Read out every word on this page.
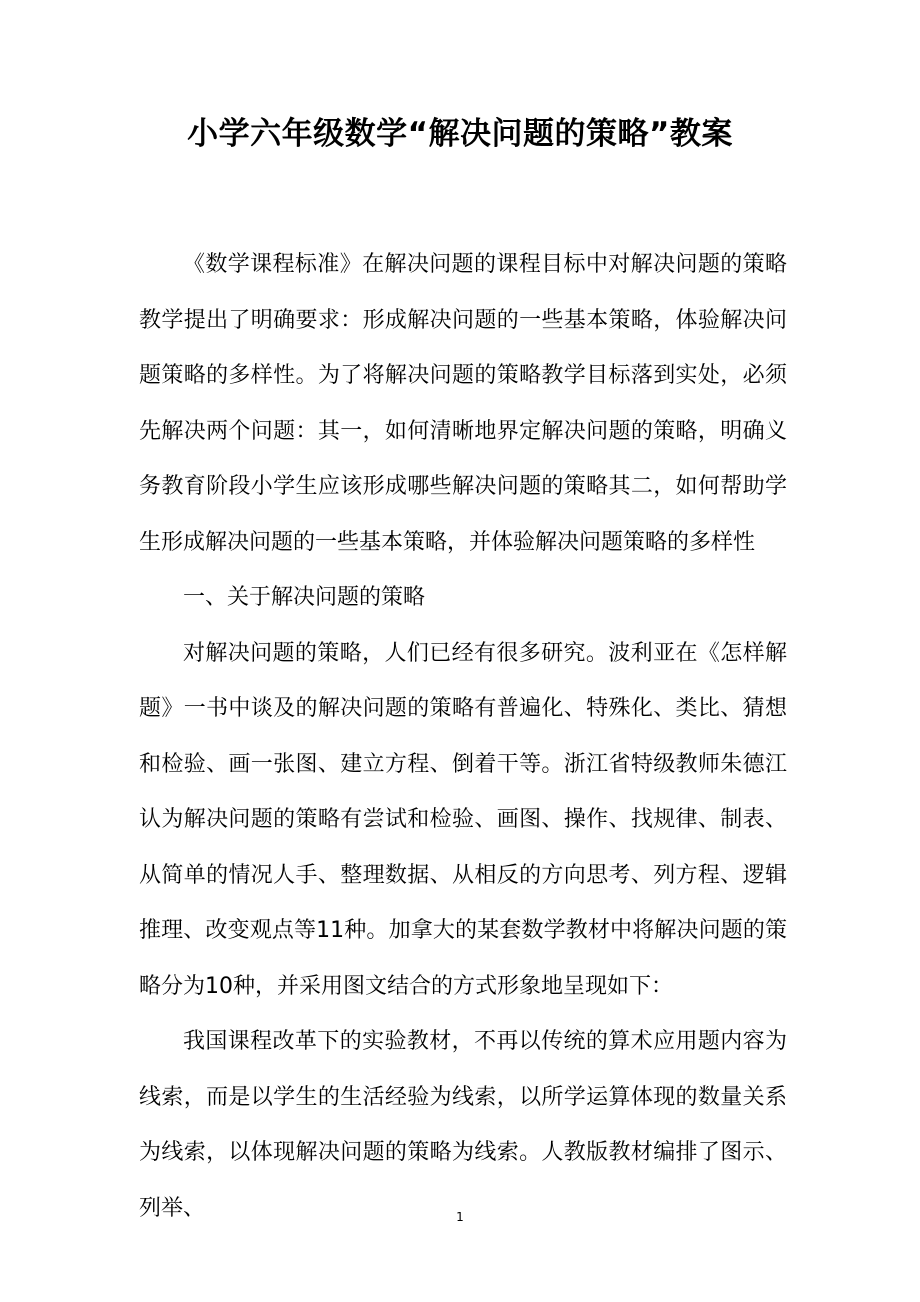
小学六年级数学“解决问题的策略”教案

《数学课程标准》在解决问题的课程目标中对解决问题的策略教学提出了明确要求：形成解决问题的一些基本策略，体验解决问题策略的多样性。为了将解决问题的策略教学目标落到实处，必须先解决两个问题：其一，如何清晰地界定解决问题的策略，明确义务教育阶段小学生应该形成哪些解决问题的策略其二，如何帮助学生形成解决问题的一些基本策略，并体验解决问题策略的多样性

一、关于解决问题的策略

对解决问题的策略，人们已经有很多研究。波利亚在《怎样解题》一书中谈及的解决问题的策略有普遍化、特殊化、类比、猜想和检验、画一张图、建立方程、倒着干等。浙江省特级教师朱德江认为解决问题的策略有尝试和检验、画图、操作、找规律、制表、从简单的情况人手、整理数据、从相反的方向思考、列方程、逻辑推理、改变观点等11种。加拿大的某套数学教材中将解决问题的策略分为10种，并采用图文结合的方式形象地呈现如下：

我国课程改革下的实验教材，不再以传统的算术应用题内容为线索，而是以学生的生活经验为线索，以所学运算体现的数量关系为线索，以体现解决问题的策略为线索。人教版教材编排了图示、列举、	1
